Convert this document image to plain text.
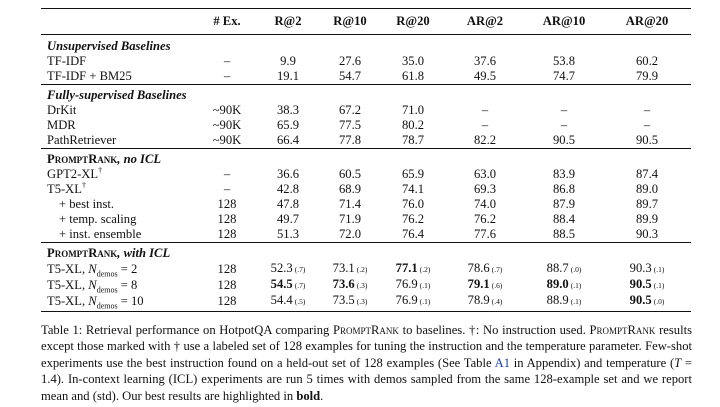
	# Ex.	R@2	R@10	R@20	AR@2	AR@10	AR@20
Unsupervised Baselines							
TF-IDF	–	9.9	27.6	35.0	37.6	53.8	60.2
TF-IDF + BM25	–	19.1	54.7	61.8	49.5	74.7	79.9
Fully-supervised Baselines							
DrKit	~90K	38.3	67.2	71.0	–	–	–
MDR	~90K	65.9	77.5	80.2	–	–	–
PathRetriever	~90K	66.4	77.8	78.7	82.2	90.5	90.5
PromptRank, no ICL							
GPT2-XL†	–	36.6	60.5	65.9	63.0	83.9	87.4
T5-XL†	–	42.8	68.9	74.1	69.3	86.8	89.0
+ best inst.	128	47.8	71.4	76.0	74.0	87.9	89.7
+ temp. scaling	128	49.7	71.9	76.2	76.2	88.4	89.9
+ inst. ensemble	128	51.3	72.0	76.4	77.6	88.5	90.3
PromptRank, with ICL							
T5-XL, $N_{demos} = 2$	128	52.3 (.7)	73.1 (.2)	77.1 (.2)	78.6 (.7)	88.7 (.0)	90.3 (.1)
T5-XL, $N_{demos} = 8$	128	54.5 (.7)	73.6 (.3)	76.9 (.1)	79.1 (.6)	89.0 (.1)	90.5 (.1)
T5-XL, $N_{demos} = 10$	128	54.4 (.5)	73.5 (.3)	76.9 (.1)	78.9 (.4)	88.9 (.1)	90.5 (.0)
Table 1: Retrieval performance on HotpotQA comparing PromptRank to baselines. †: No instruction used. PromptRank results except those marked with † use a labeled set of 128 examples for tuning the instruction and the temperature parameter. Few-shot experiments use the best instruction found on a held-out set of 128 examples (See Table A1 in Appendix) and temperature (T = 1.4). In-context learning (ICL) experiments are run 5 times with demos sampled from the same 128-example set and we report mean and (std). Our best results are highlighted in bold.
